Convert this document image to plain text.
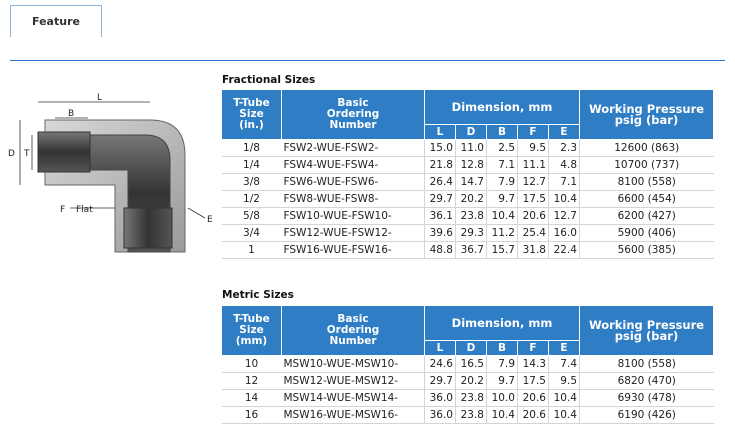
Feature
L
B
D T
F Flat
E
Fractional Sizes
T-Tube
Size
(in.)	Basic
Ordering
Number	Dimension, mm					Working Pressure
psig (bar)
		L	D	B	F	E	
1/8	FSW2-WUE-FSW2-	15.0	11.0	2.5	9.5	2.3	12600 (863)
1/4	FSW4-WUE-FSW4-	21.8	12.8	7.1	11.1	4.8	10700 (737)
3/8	FSW6-WUE-FSW6-	26.4	14.7	7.9	12.7	7.1	8100 (558)
1/2	FSW8-WUE-FSW8-	29.7	20.2	9.7	17.5	10.4	6600 (454)
5/8	FSW10-WUE-FSW10-	36.1	23.8	10.4	20.6	12.7	6200 (427)
3/4	FSW12-WUE-FSW12-	39.6	29.3	11.2	25.4	16.0	5900 (406)
1	FSW16-WUE-FSW16-	48.8	36.7	15.7	31.8	22.4	5600 (385)
Metric Sizes
T-Tube
Size
(mm)	Basic
Ordering
Number	Dimension, mm					Working Pressure
psig (bar)
		L	D	B	F	E	
10	MSW10-WUE-MSW10-	24.6	16.5	7.9	14.3	7.4	8100 (558)
12	MSW12-WUE-MSW12-	29.7	20.2	9.7	17.5	9.5	6820 (470)
14	MSW14-WUE-MSW14-	36.0	23.8	10.0	20.6	10.4	6930 (478)
16	MSW16-WUE-MSW16-	36.0	23.8	10.4	20.6	10.4	6190 (426)
